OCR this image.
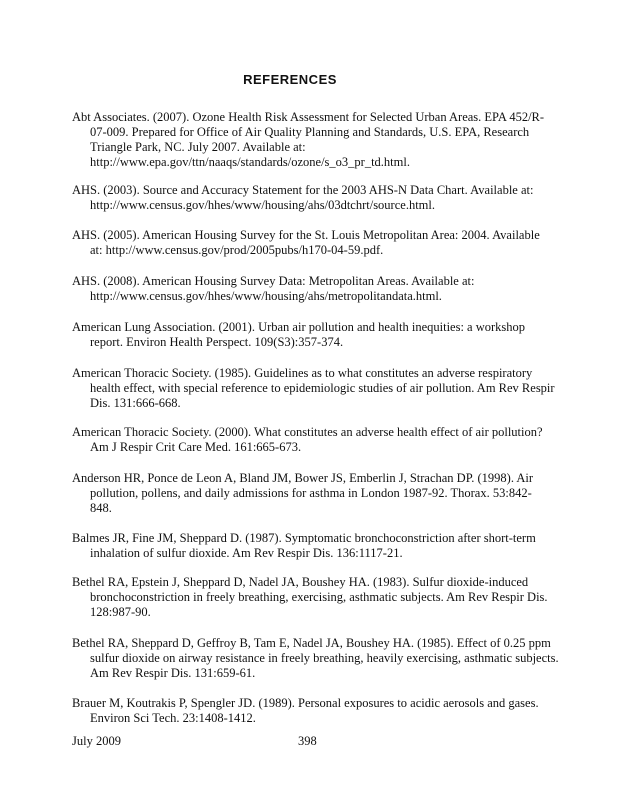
REFERENCES
Abt Associates. (2007). Ozone Health Risk Assessment for Selected Urban Areas. EPA 452/R-
07-009. Prepared for Office of Air Quality Planning and Standards, U.S. EPA, Research
Triangle Park, NC. July 2007. Available at:
http://www.epa.gov/ttn/naaqs/standards/ozone/s_o3_pr_td.html.
AHS. (2003). Source and Accuracy Statement for the 2003 AHS-N Data Chart. Available at:
http://www.census.gov/hhes/www/housing/ahs/03dtchrt/source.html.
AHS. (2005). American Housing Survey for the St. Louis Metropolitan Area: 2004. Available
at: http://www.census.gov/prod/2005pubs/h170-04-59.pdf.
AHS. (2008). American Housing Survey Data: Metropolitan Areas. Available at:
http://www.census.gov/hhes/www/housing/ahs/metropolitandata.html.
American Lung Association. (2001). Urban air pollution and health inequities: a workshop
report. Environ Health Perspect. 109(S3):357-374.
American Thoracic Society. (1985). Guidelines as to what constitutes an adverse respiratory
health effect, with special reference to epidemiologic studies of air pollution. Am Rev Respir
Dis. 131:666-668.
American Thoracic Society. (2000). What constitutes an adverse health effect of air pollution?
Am J Respir Crit Care Med. 161:665-673.
Anderson HR, Ponce de Leon A, Bland JM, Bower JS, Emberlin J, Strachan DP. (1998). Air
pollution, pollens, and daily admissions for asthma in London 1987-92. Thorax. 53:842-
848.
Balmes JR, Fine JM, Sheppard D. (1987). Symptomatic bronchoconstriction after short-term
inhalation of sulfur dioxide. Am Rev Respir Dis. 136:1117-21.
Bethel RA, Epstein J, Sheppard D, Nadel JA, Boushey HA. (1983). Sulfur dioxide-induced
bronchoconstriction in freely breathing, exercising, asthmatic subjects. Am Rev Respir Dis.
128:987-90.
Bethel RA, Sheppard D, Geffroy B, Tam E, Nadel JA, Boushey HA. (1985). Effect of 0.25 ppm
sulfur dioxide on airway resistance in freely breathing, heavily exercising, asthmatic subjects.
Am Rev Respir Dis. 131:659-61.
Brauer M, Koutrakis P, Spengler JD. (1989). Personal exposures to acidic aerosols and gases.
Environ Sci Tech. 23:1408-1412.
July 2009	398
